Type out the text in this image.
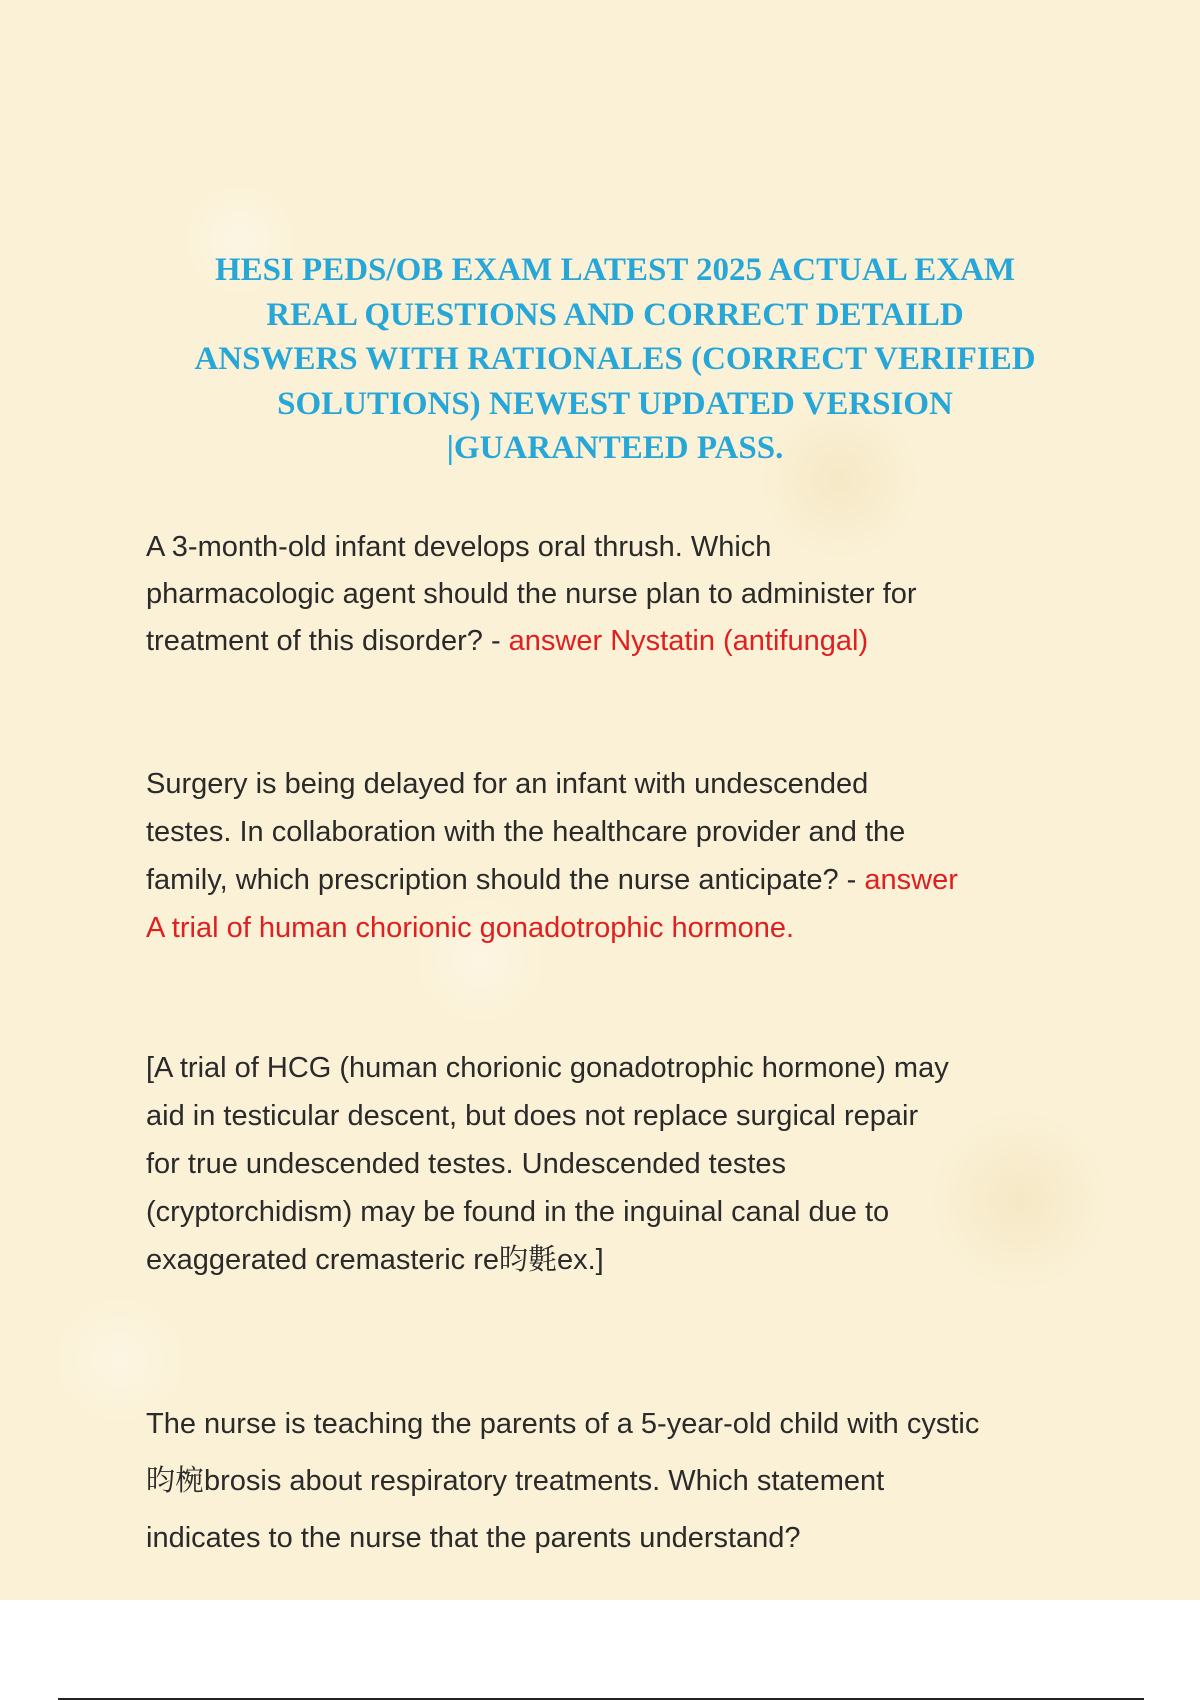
HESI PEDS/OB EXAM LATEST 2025 ACTUAL EXAM
REAL QUESTIONS AND CORRECT DETAILD
ANSWERS WITH RATIONALES (CORRECT VERIFIED
SOLUTIONS) NEWEST UPDATED VERSION
|GUARANTEED PASS.
A 3-month-old infant develops oral thrush. Which
pharmacologic agent should the nurse plan to administer for
treatment of this disorder? - answer Nystatin (antifungal)
Surgery is being delayed for an infant with undescended
testes. In collaboration with the healthcare provider and the
family, which prescription should the nurse anticipate? - answer
A trial of human chorionic gonadotrophic hormone.
[A trial of HCG (human chorionic gonadotrophic hormone) may
aid in testicular descent, but does not replace surgical repair
for true undescended testes. Undescended testes
(cryptorchidism) may be found in the inguinal canal due to
exaggerated cremasteric re昀氀ex.]
The nurse is teaching the parents of a 5-year-old child with cystic
昀椀brosis about respiratory treatments. Which statement
indicates to the nurse that the parents understand?
